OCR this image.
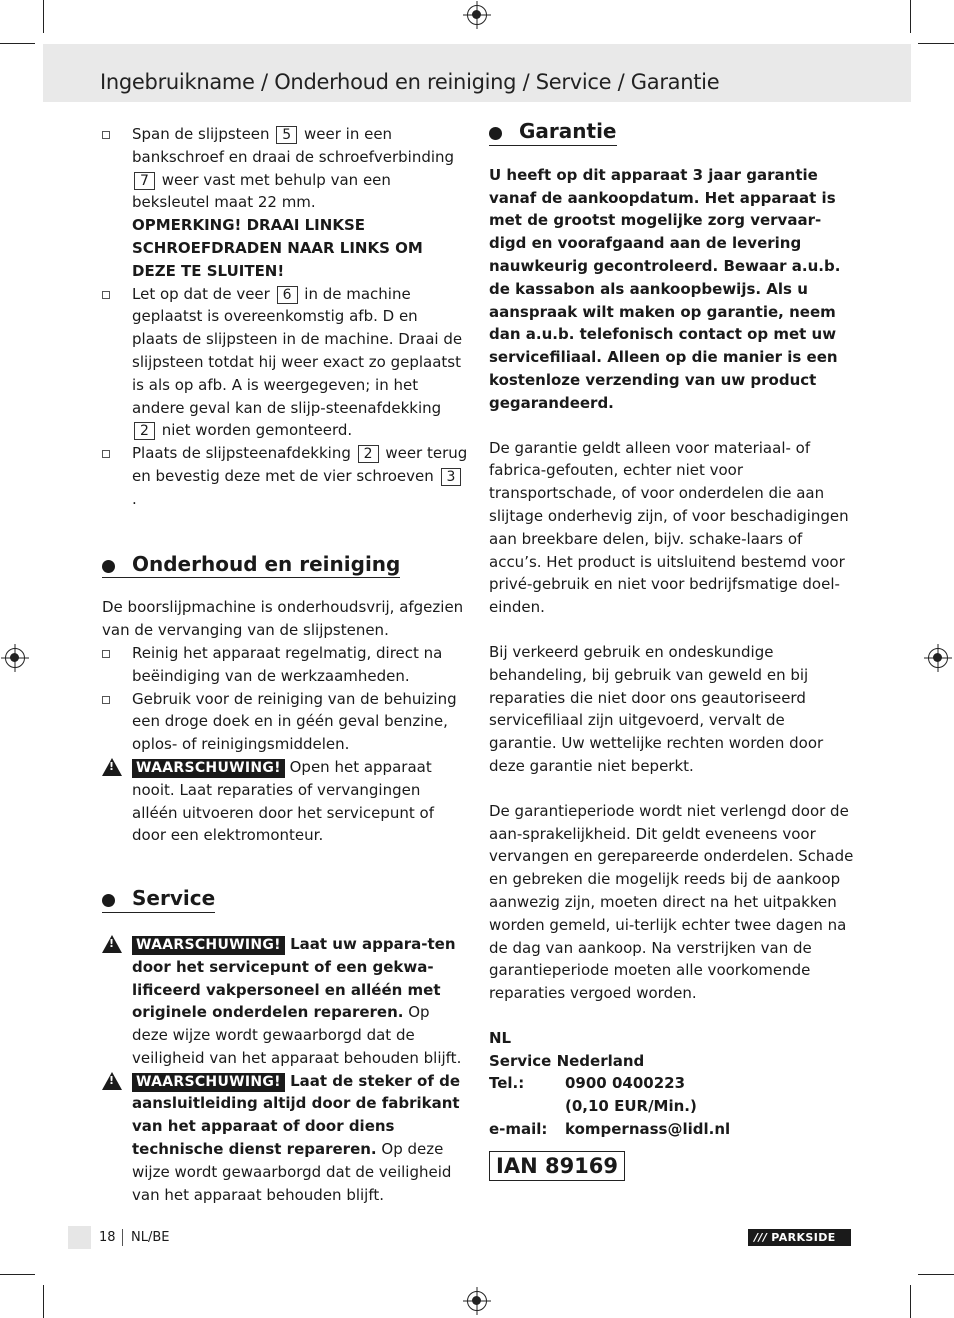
Ingebruikname / Onderhoud en reiniging / Service / Garantie
Span de slijpsteen 5 weer in een bankschroef en draai de schroefverbinding 7 weer vast met behulp van een beksleutel maat 22 mm.
OPMERKING! DRAAI LINKSE SCHROEFDRADEN NAAR LINKS OM DEZE TE SLUITEN!
Let op dat de veer 6 in de machine geplaatst is overeenkomstig afb. D en plaats de slijpsteen in de machine. Draai de slijpsteen totdat hij weer exact zo geplaatst is als op afb. A is weergegeven; in het andere geval kan de slijp-steenafdekking 2 niet worden gemonteerd.
Plaats de slijpsteenafdekking 2 weer terug en bevestig deze met de vier schroeven 3.
Onderhoud en reiniging

De boorslijpmachine is onderhoudsvrij, afgezien van de vervanging van de slijpstenen.

Reinig het apparaat regelmatig, direct na beëindiging van de werkzaamheden.
Gebruik voor de reiniging van de behuizing een droge doek en in géén geval benzine, oplos- of reinigingsmiddelen.
! WAARSCHUWING! Open het apparaat nooit. Laat reparaties of vervangingen alléén uitvoeren door het servicepunt of door een elektromonteur.
Service
! WAARSCHUWING! Laat uw appara-ten door het servicepunt of een gekwa-lificeerd vakpersoneel en alléén met originele onderdelen repareren. Op deze wijze wordt gewaarborgd dat de veiligheid van het apparaat behouden blijft.
! WAARSCHUWING! Laat de steker of de aansluitleiding altijd door de fabrikant van het apparaat of door diens technische dienst repareren. Op deze wijze wordt gewaarborgd dat de veiligheid van het apparaat behouden blijft.
Garantie

U heeft op dit apparaat 3 jaar garantie vanaf de aankoopdatum. Het apparaat is met de grootst mogelijke zorg vervaar-digd en voorafgaand aan de levering nauwkeurig gecontroleerd. Bewaar a.u.b. de kassabon als aankoopbewijs. Als u aanspraak wilt maken op garantie, neem dan a.u.b. telefonisch contact op met uw servicefiliaal. Alleen op die manier is een kostenloze verzending van uw product gegarandeerd.

De garantie geldt alleen voor materiaal- of fabrica-gefouten, echter niet voor transportschade, of voor onderdelen die aan slijtage onderhevig zijn, of voor beschadigingen aan breekbare delen, bijv. schake-laars of accu’s. Het product is uitsluitend bestemd voor privé-gebruik en niet voor bedrijfsmatige doel-einden.

Bij verkeerd gebruik en ondeskundige behandeling, bij gebruik van geweld en bij reparaties die niet door ons geautoriseerd servicefiliaal zijn uitgevoerd, vervalt de garantie. Uw wettelijke rechten worden door deze garantie niet beperkt.

De garantieperiode wordt niet verlengd door de aan-sprakelijkheid. Dit geldt eveneens voor vervangen en gerepareerde onderdelen. Schade en gebreken die mogelijk reeds bij de aankoop aanwezig zijn, moeten direct na het uitpakken worden gemeld, ui-terlijk echter twee dagen na de dag van aankoop. Na verstrijken van de garantieperiode moeten alle voorkomende reparaties vergoed worden.

NL
Service Nederland
Tel.:	0900 0400223
	(0,10 EUR/Min.)
e-mail:	kompernass@lidl.nl
IAN 89169
18 NL/BE	/// PARKSIDE
